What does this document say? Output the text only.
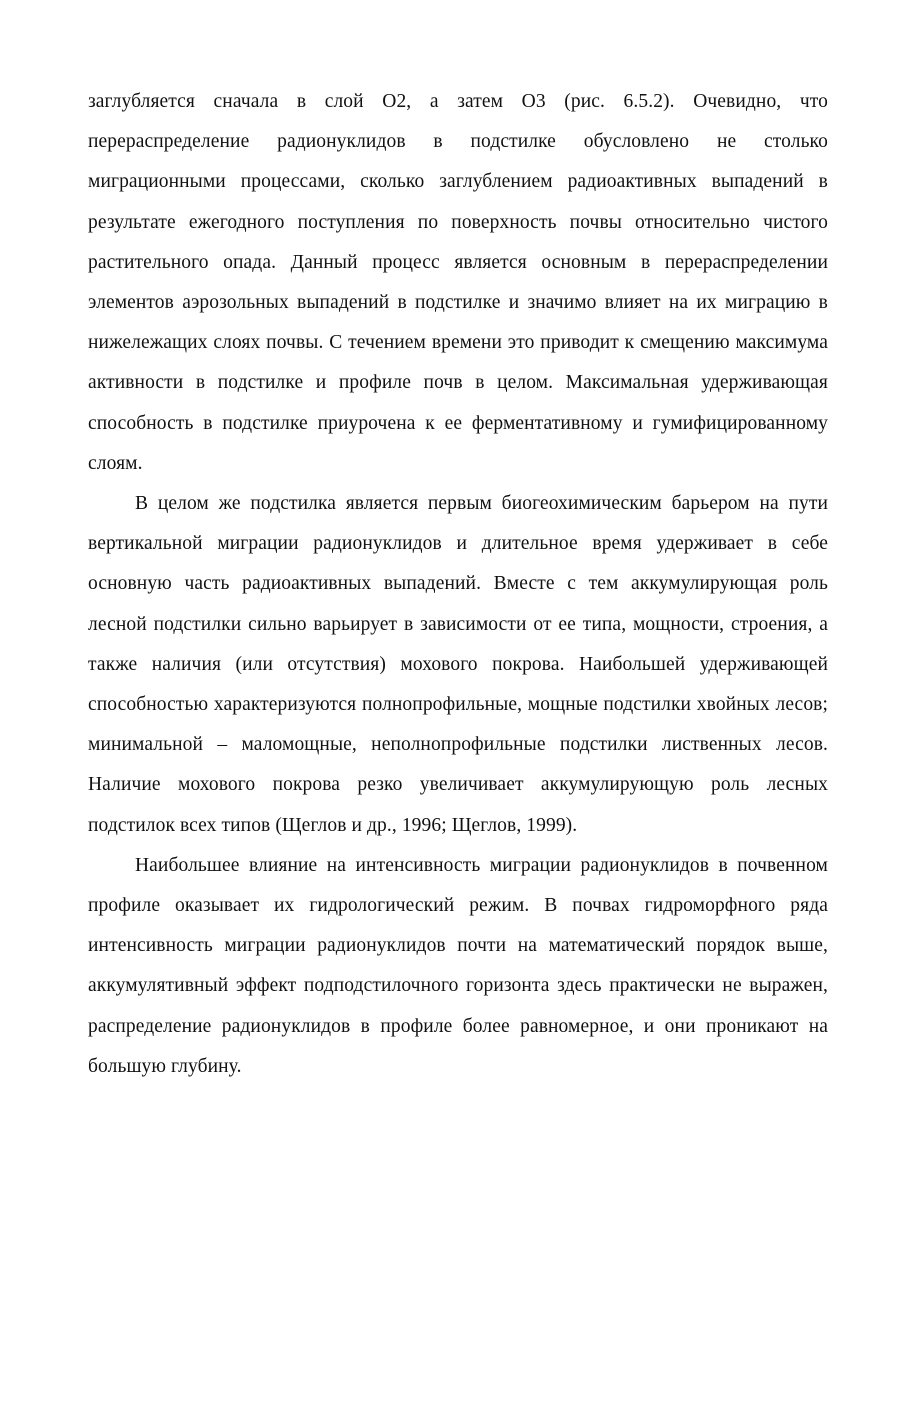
заглубляется сначала в слой О2, а затем О3 (рис. 6.5.2). Очевидно, что перераспределение радионуклидов в подстилке обусловлено не столько миграционными процессами, сколько заглублением радиоактивных выпадений в результате ежегодного поступления по поверхность почвы относительно чистого растительного опада. Данный процесс является основным в перераспределении элементов аэрозольных выпадений в подстилке и значимо влияет на их миграцию в нижележащих слоях почвы. С течением времени это приводит к смещению максимума активности в подстилке и профиле почв в целом. Максимальная удерживающая способность в подстилке приурочена к ее ферментативному и гумифицированному слоям.

В целом же подстилка является первым биогеохимическим барьером на пути вертикальной миграции радионуклидов и длительное время удерживает в себе основную часть радиоактивных выпадений. Вместе с тем аккумулирующая роль лесной подстилки сильно варьирует в зависимости от ее типа, мощности, строения, а также наличия (или отсутствия) мохового покрова. Наибольшей удерживающей способностью характеризуются полнопрофильные, мощные подстилки хвойных лесов; минимальной – маломощные, неполнопрофильные подстилки лиственных лесов. Наличие мохового покрова резко увеличивает аккумулирующую роль лесных подстилок всех типов (Щеглов и др., 1996; Щеглов, 1999).

Наибольшее влияние на интенсивность миграции радионуклидов в почвенном профиле оказывает их гидрологический режим. В почвах гидроморфного ряда интенсивность миграции радионуклидов почти на математический порядок выше, аккумулятивный эффект подподстилочного горизонта здесь практически не выражен, распределение радионуклидов в профиле более равномерное, и они проникают на большую глубину.
